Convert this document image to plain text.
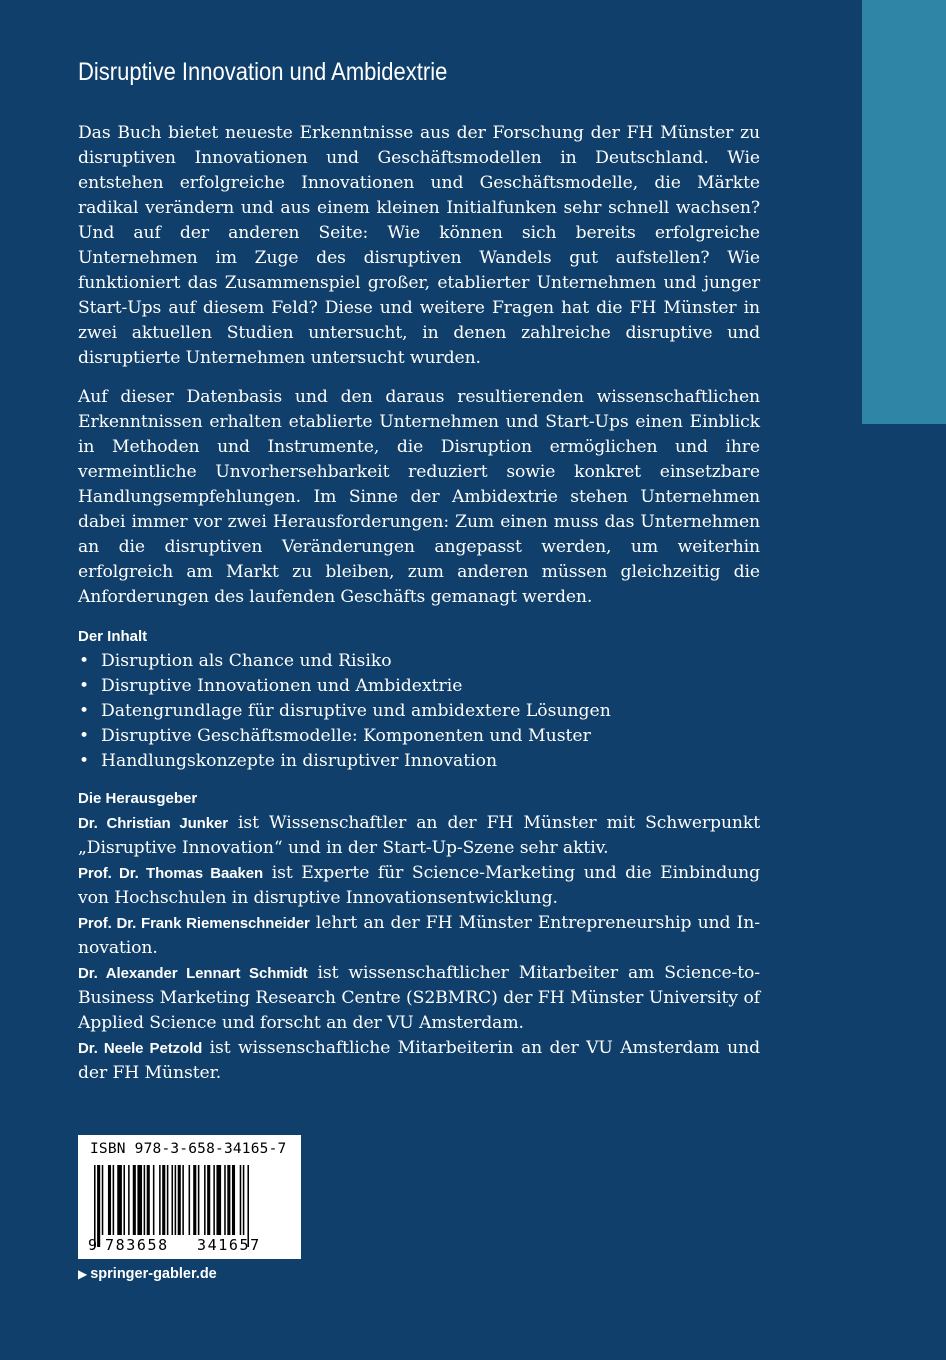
Disruptive Innovation und Ambidextrie

Das Buch bietet neueste Erkenntnisse aus der Forschung der FH Münster zu disruptiven Innovationen und Geschäftsmodellen in Deutschland. Wie entstehen erfolgreiche Innovationen und Geschäftsmodelle, die Märkte radikal verändern und aus einem kleinen Initialfunken sehr schnell wachsen? Und auf der anderen Seite: Wie können sich bereits erfolgreiche Unternehmen im Zuge des disruptiven Wandels gut aufstellen? Wie funktioniert das Zusammenspiel großer, etablierter Unternehmen und junger Start-Ups auf diesem Feld? Diese und weitere Fragen hat die FH Münster in zwei aktuellen Studien untersucht, in denen zahlreiche disruptive und disruptierte Unternehmen untersucht wurden.

Auf dieser Datenbasis und den daraus resultierenden wissenschaftlichen Erkenntnissen erhalten etablierte Unternehmen und Start-Ups einen Einblick in Methoden und Instrumente, die Disruption ermöglichen und ihre vermeintliche Unvorhersehbarkeit reduziert sowie konkret einsetzbare Handlungsempfehlungen. Im Sinne der Ambidextrie stehen Unternehmen dabei immer vor zwei Herausforderungen: Zum einen muss das Unternehmen an die disruptiven Veränderungen angepasst werden, um weiterhin erfolgreich am Markt zu bleiben, zum anderen müssen gleichzeitig die Anforderungen des laufenden Geschäfts gemanagt werden.

Der Inhalt
• Disruption als Chance und Risiko
• Disruptive Innovationen und Ambidextrie
• Datengrundlage für disruptive und ambidextere Lösungen
• Disruptive Geschäftsmodelle: Komponenten und Muster
• Handlungskonzepte in disruptiver Innovation
Die Herausgeber

Dr. Christian Junker ist Wissenschaftler an der FH Münster mit Schwerpunkt „Disruptive Innovation“ und in der Start-Up-Szene sehr aktiv.

Prof. Dr. Thomas Baaken ist Experte für Science-Marketing und die Einbindung von Hochschulen in disruptive Innovationsentwicklung.

Prof. Dr. Frank Riemenschneider lehrt an der FH Münster Entrepreneurship und Innovation.

Dr. Alexander Lennart Schmidt ist wissenschaftlicher Mitarbeiter am Science-to-Business Marketing Research Centre (S2BMRC) der FH Münster University of Applied Science und forscht an der VU Amsterdam.

Dr. Neele Petzold ist wissenschaftliche Mitarbeiterin an der VU Amsterdam und der FH Münster.

ISBN 978-3-658-34165-7
9 783658 341657
▶ springer-gabler.de
